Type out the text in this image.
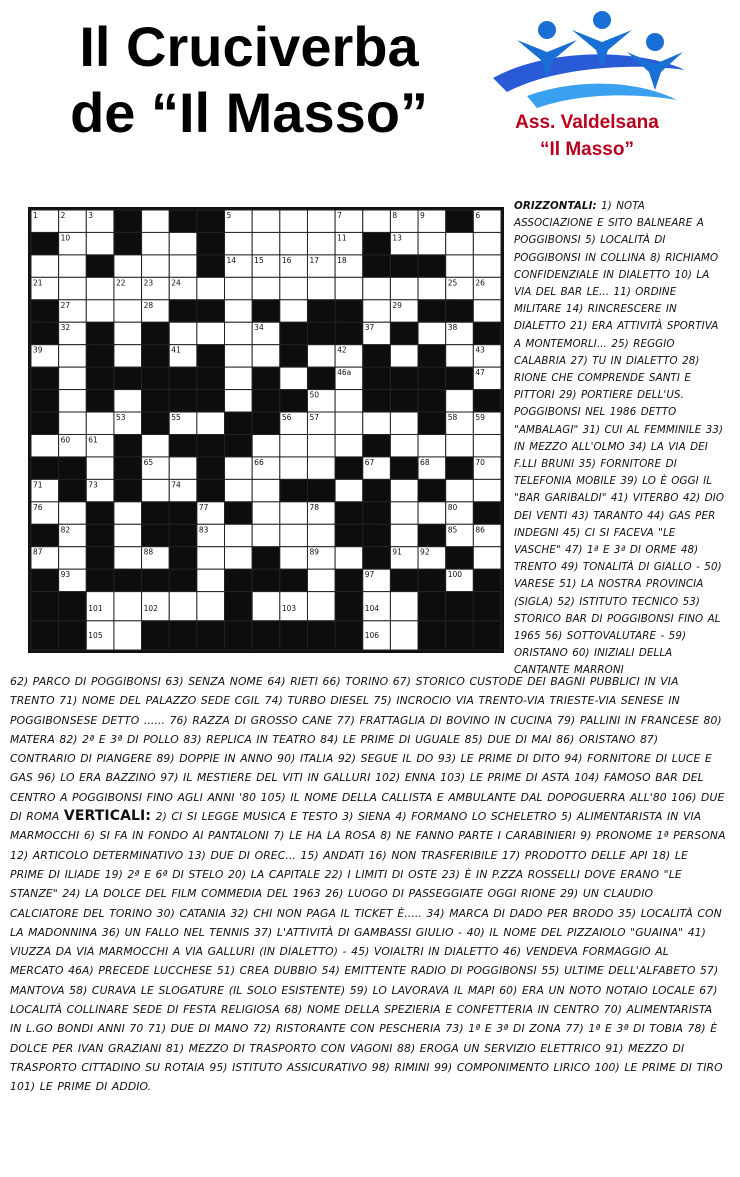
Il Cruciverba
de “Il Masso”	Ass. Valdelsana
“Il Masso”
1	2	3	4	5	6
7	8	9
10	11 12 13
14 15 16 17 18 19 20
21	22 23 24	25 26
27	28	29	30
31 32	33	34	35 36 37	38
39	40	41	42	43
44	45	46	46a	47
48	49	50	51
52	53 54 55	56 57	58 59
60 61	62
65	66	67	68 69 70
71 72 73	74	75
76	77	78 79	80 81
82	83	84	85 86
87	88	89	90 91 92
93	94	95	96	97 98 99 100
101	102	103	104
105	106
ORIZZONTALI: 1) NOTA ASSOCIAZIONE E SITO BALNEARE A POGGIBONSI 5) LOCALITÀ DI POGGIBONSI IN COLLINA 8) RICHIAMO CONFIDENZIALE IN DIALETTO 10) LA VIA DEL BAR LE... 11) ORDINE MILITARE 14) RINCRESCERE IN DIALETTO 21) ERA ATTIVITÀ SPORTIVA A MONTEMORLI... 25) REGGIO CALABRIA 27) TU IN DIALETTO 28) RIONE CHE COMPRENDE SANTI E PITTORI 29) PORTIERE DELL'US. POGGIBONSI NEL 1986 DETTO "AMBALAGI" 31) CUI AL FEMMINILE 33) IN MEZZO ALL'OLMO 34) LA VIA DEI F.LLI BRUNI 35) FORNITORE DI TELEFONIA MOBILE 39) LO È OGGI IL "BAR GARIBALDI" 41) VITERBO 42) DIO DEI VENTI 43) TARANTO 44) GAS PER INDEGNI 45) CI SI FACEVA "LE VASCHE" 47) 1ª E 3ª DI ORME 48) TRENTO 49) TONALITÀ DI GIALLO - 50) VARESE 51) LA NOSTRA PROVINCIA (SIGLA) 52) ISTITUTO TECNICO 53) STORICO BAR DI POGGIBONSI FINO AL 1965 56) SOTTOVALUTARE - 59) ORISTANO 60) INIZIALI DELLA CANTANTE MARRONI
62) PARCO DI POGGIBONSI 63) SENZA NOME 64) RIETI 66) TORINO 67) STORICO CUSTODE DEI BAGNI PUBBLICI IN VIA TRENTO 71) NOME DEL PALAZZO SEDE CGIL 74) TURBO DIESEL 75) INCROCIO VIA TRENTO-VIA TRIESTE-VIA SENESE IN POGGIBONSESE DETTO ...... 76) RAZZA DI GROSSO CANE 77) FRATTAGLIA DI BOVINO IN CUCINA 79) PALLINI IN FRANCESE 80) MATERA 82) 2ª E 3ª DI POLLO 83) REPLICA IN TEATRO 84) LE PRIME DI UGUALE 85) DUE DI MAI 86) ORISTANO 87) CONTRARIO DI PIANGERE 89) DOPPIE IN ANNO 90) ITALIA 92) SEGUE IL DO 93) LE PRIME DI DITO 94) FORNITORE DI LUCE E GAS 96) LO ERA BAZZINO 97) IL MESTIERE DEL VITI IN GALLURI 102) ENNA 103) LE PRIME DI ASTA 104) FAMOSO BAR DEL CENTRO A POGGIBONSI FINO AGLI ANNI '80 105) IL NOME DELLA CALLISTA E AMBULANTE DAL DOPOGUERRA ALL'80 106) DUE DI ROMA VERTICALI: 2) CI SI LEGGE MUSICA E TESTO 3) SIENA 4) FORMANO LO SCHELETRO 5) ALIMENTARISTA IN VIA MARMOCCHI 6) SI FA IN FONDO AI PANTALONI 7) LE HA LA ROSA 8) NE FANNO PARTE I CARABINIERI 9) PRONOME 1ª PERSONA 12) ARTICOLO DETERMINATIVO 13) DUE DI OREC... 15) ANDATI 16) NON TRASFERIBILE 17) PRODOTTO DELLE API 18) LE PRIME DI ILIADE 19) 2ª E 6ª DI STELO 20) LA CAPITALE 22) I LIMITI DI OSTE 23) È IN P.ZZA ROSSELLI DOVE ERANO "LE STANZE" 24) LA DOLCE DEL FILM COMMEDIA DEL 1963 26) LUOGO DI PASSEGGIATE OGGI RIONE 29) UN CLAUDIO CALCIATORE DEL TORINO 30) CATANIA 32) CHI NON PAGA IL TICKET È..... 34) MARCA DI DADO PER BRODO 35) LOCALITÀ CON LA MADONNINA 36) UN FALLO NEL TENNIS 37) L'ATTIVITÀ DI GAMBASSI GIULIO - 40) IL NOME DEL PIZZAIOLO "GUAINA" 41) VIUZZA DA VIA MARMOCCHI A VIA GALLURI (IN DIALETTO) - 45) VOIALTRI IN DIALETTO 46) VENDEVA FORMAGGIO AL MERCATO 46A) PRECEDE LUCCHESE 51) CREA DUBBIO 54) EMITTENTE RADIO DI POGGIBONSI 55) ULTIME DELL'ALFABETO 57) MANTOVA 58) CURAVA LE SLOGATURE (IL SOLO ESISTENTE) 59) LO LAVORAVA IL MAPI 60) ERA UN NOTO NOTAIO LOCALE 67) LOCALITÀ COLLINARE SEDE DI FESTA RELIGIOSA 68) NOME DELLA SPEZIERIA E CONFETTERIA IN CENTRO 70) ALIMENTARISTA IN L.GO BONDI ANNI 70 71) DUE DI MANO 72) RISTORANTE CON PESCHERIA 73) 1ª E 3ª DI ZONA 77) 1ª E 3ª DI TOBIA 78) È DOLCE PER IVAN GRAZIANI 81) MEZZO DI TRASPORTO CON VAGONI 88) EROGA UN SERVIZIO ELETTRICO 91) MEZZO DI TRASPORTO CITTADINO SU ROTAIA 95) ISTITUTO ASSICURATIVO 98) RIMINI 99) COMPONIMENTO LIRICO 100) LE PRIME DI TIRO 101) LE PRIME DI ADDIO.
